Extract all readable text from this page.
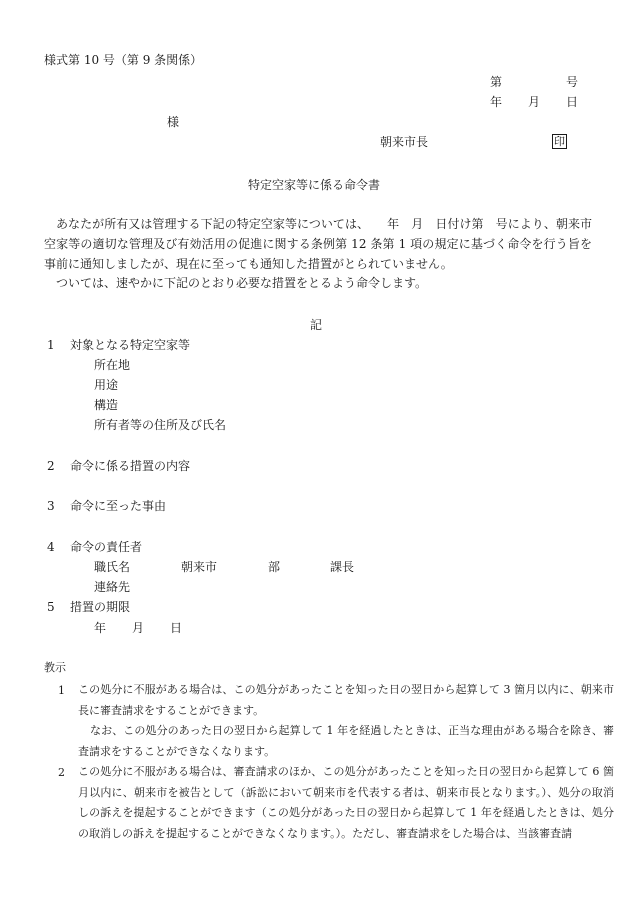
様式第 10 号（第 9 条関係）
第	号
年 月 日
様
朝来市長	印
特定空家等に係る命令書
あなたが所有又は管理する下記の特定空家等については、　　年　月　日付け第　号により、朝来市空家等の適切な管理及び有効活用の促進に関する条例第 12 条第 1 項の規定に基づく命令を行う旨を事前に通知しましたが、現在に至っても通知した措置がとられていません。
ついては、速やかに下記のとおり必要な措置をとるよう命令します。
記
1 対象となる特定空家等
所在地
用途
構造
所有者等の住所及び氏名
2 命令に係る措置の内容
3 命令に至った事由
4 命令の責任者
職氏名	朝来市	部	課長
連絡先
5 措置の期限
年 月 日
教示
1 この処分に不服がある場合は、この処分があったことを知った日の翌日から起算して 3 箇月以内に、朝来市長に審査請求をすることができます。
なお、この処分のあった日の翌日から起算して 1 年を経過したときは、正当な理由がある場合を除き、審査請求をすることができなくなります。
2 この処分に不服がある場合は、審査請求のほか、この処分があったことを知った日の翌日から起算して 6 箇月以内に、朝来市を被告として（訴訟において朝来市を代表する者は、朝来市長となります。）、処分の取消しの訴えを提起することができます（この処分があった日の翌日から起算して 1 年を経過したときは、処分の取消しの訴えを提起することができなくなります。）。ただし、審査請求をした場合は、当該審査請
